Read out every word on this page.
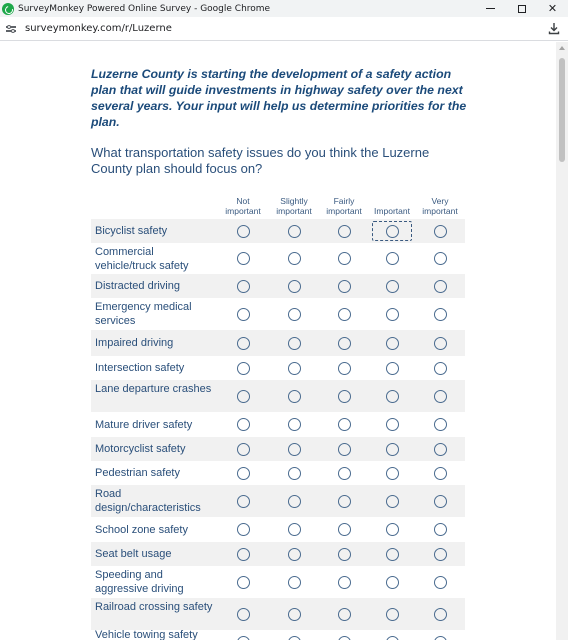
SurveyMonkey Powered Online Survey - Google Chrome	✕
surveymonkey.com/r/Luzerne

Luzerne County is starting the development of a safety action plan that will guide investments in highway safety over the next several years. Your input will help us determine priorities for the plan.

What transportation safety issues do you think the Luzerne County plan should focus on?

Not
important
Slightly
important
Fairly
important	Important
Very
important
Bicyclist safety
Commercial vehicle/truck safety
Distracted driving
Emergency medical services
Impaired driving
Intersection safety
Lane departure crashes
Mature driver safety
Motorcyclist safety
Pedestrian safety
Road design/characteristics
School zone safety
Seat belt usage
Speeding and aggressive driving
Railroad crossing safety
Vehicle towing safety
